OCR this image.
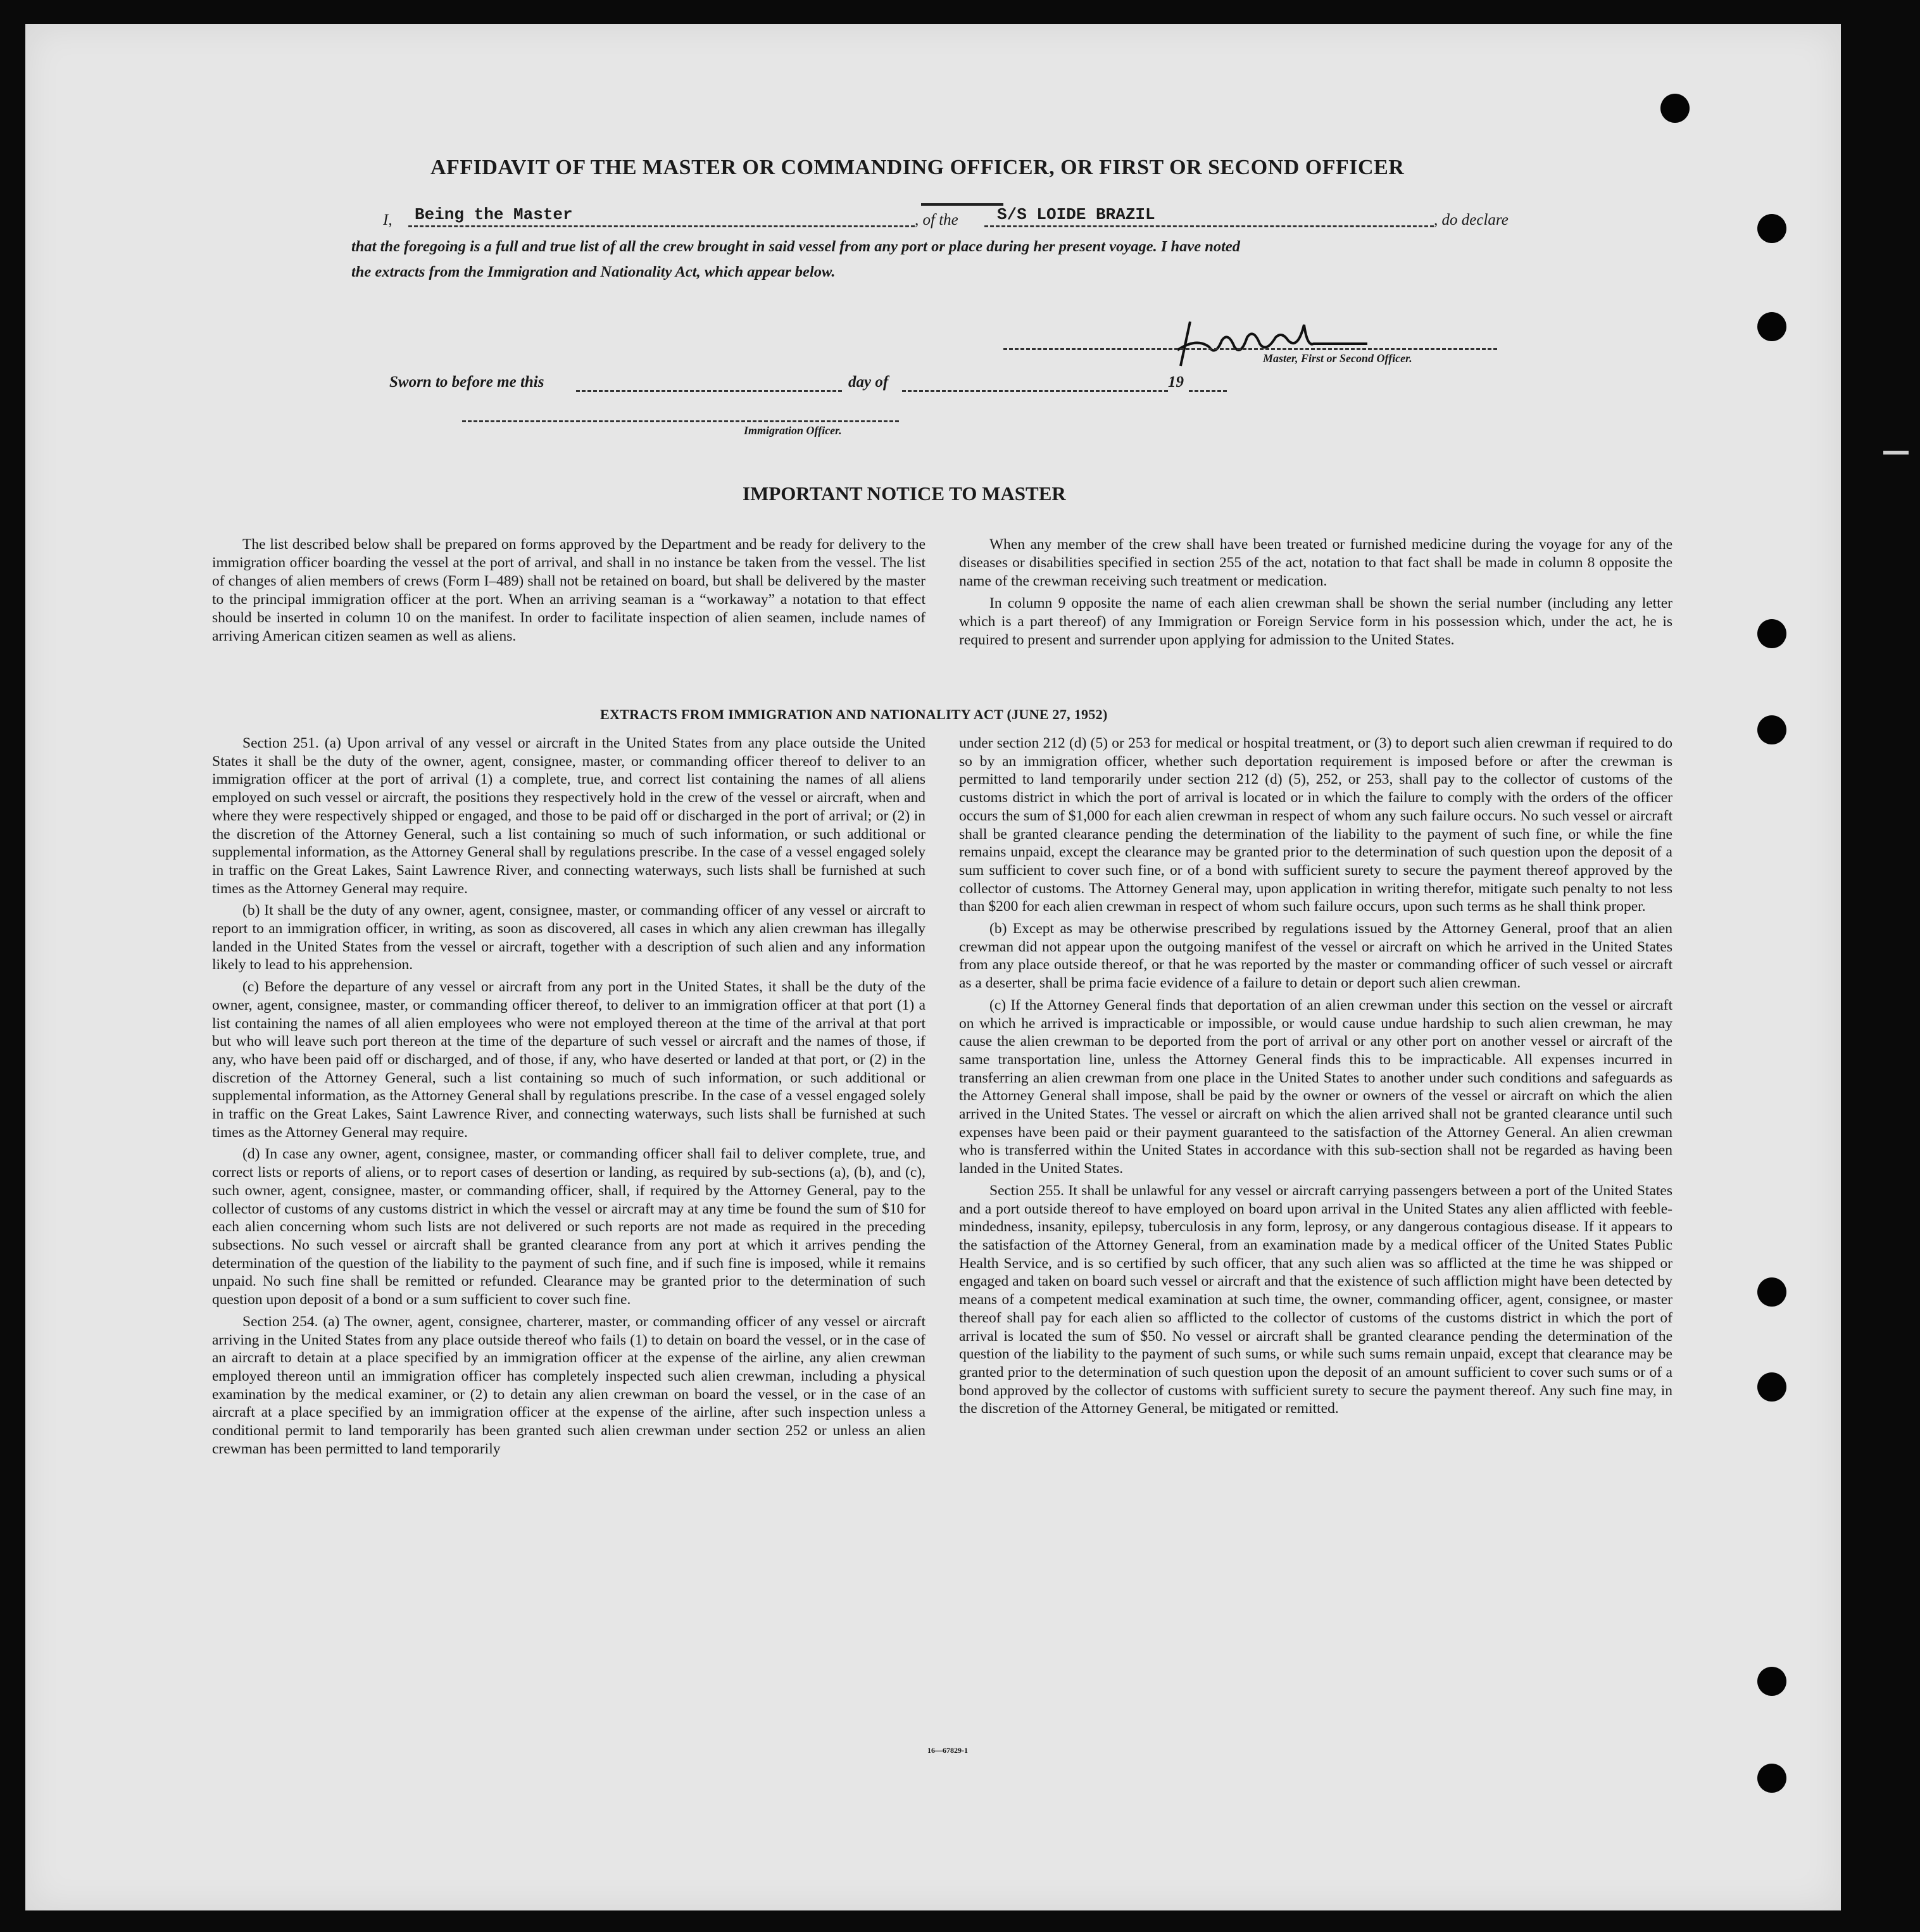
AFFIDAVIT OF THE MASTER OR COMMANDING OFFICER, OR FIRST OR SECOND OFFICER
I, Being the Master	, of the S/S LOIDE BRAZIL	, do declare
that the foregoing is a full and true list of all the crew brought in said vessel from any port or place during her present voyage. I have noted
the extracts from the Immigration and Nationality Act, which appear below.
Master, First or Second Officer.
Sworn to before me this	day of	19
Immigration Officer.
IMPORTANT NOTICE TO MASTER

The list described below shall be prepared on forms approved by the Department and be ready for delivery to the immigration officer boarding the vessel at the port of arrival, and shall in no instance be taken from the vessel. The list of changes of alien members of crews (Form I–489) shall not be retained on board, but shall be delivered by the master to the principal immigration officer at the port. When an arriving seaman is a “workaway” a notation to that effect should be inserted in column 10 on the manifest. In order to facilitate inspection of alien seamen, include names of arriving American citizen seamen as well as aliens.

When any member of the crew shall have been treated or furnished medicine during the voyage for any of the diseases or disabilities specified in section 255 of the act, notation to that fact shall be made in column 8 opposite the name of the crewman receiving such treatment or medication.

In column 9 opposite the name of each alien crewman shall be shown the serial number (including any letter which is a part thereof) of any Immigration or Foreign Service form in his possession which, under the act, he is required to present and surrender upon applying for admission to the United States.

EXTRACTS FROM IMMIGRATION AND NATIONALITY ACT (JUNE 27, 1952)

Section 251. (a) Upon arrival of any vessel or aircraft in the United States from any place outside the United States it shall be the duty of the owner, agent, consignee, master, or commanding officer thereof to deliver to an immigration officer at the port of arrival (1) a complete, true, and correct list containing the names of all aliens employed on such vessel or aircraft, the positions they respectively hold in the crew of the vessel or aircraft, when and where they were respectively shipped or engaged, and those to be paid off or discharged in the port of arrival; or (2) in the discretion of the Attorney General, such a list containing so much of such information, or such additional or supplemental information, as the Attorney General shall by regulations prescribe. In the case of a vessel engaged solely in traffic on the Great Lakes, Saint Lawrence River, and connecting waterways, such lists shall be furnished at such times as the Attorney General may require.

(b) It shall be the duty of any owner, agent, consignee, master, or commanding officer of any vessel or aircraft to report to an immigration officer, in writing, as soon as discovered, all cases in which any alien crewman has illegally landed in the United States from the vessel or aircraft, together with a description of such alien and any information likely to lead to his apprehension.

(c) Before the departure of any vessel or aircraft from any port in the United States, it shall be the duty of the owner, agent, consignee, master, or commanding officer thereof, to deliver to an immigration officer at that port (1) a list containing the names of all alien employees who were not employed thereon at the time of the arrival at that port but who will leave such port thereon at the time of the departure of such vessel or aircraft and the names of those, if any, who have been paid off or discharged, and of those, if any, who have deserted or landed at that port, or (2) in the discretion of the Attorney General, such a list containing so much of such information, or such additional or supplemental information, as the Attorney General shall by regulations prescribe. In the case of a vessel engaged solely in traffic on the Great Lakes, Saint Lawrence River, and connecting waterways, such lists shall be furnished at such times as the Attorney General may require.

(d) In case any owner, agent, consignee, master, or commanding officer shall fail to deliver complete, true, and correct lists or reports of aliens, or to report cases of desertion or landing, as required by sub-sections (a), (b), and (c), such owner, agent, consignee, master, or commanding officer, shall, if required by the Attorney General, pay to the collector of customs of any customs district in which the vessel or aircraft may at any time be found the sum of $10 for each alien concerning whom such lists are not delivered or such reports are not made as required in the preceding subsections. No such vessel or aircraft shall be granted clearance from any port at which it arrives pending the determination of the question of the liability to the payment of such fine, and if such fine is imposed, while it remains unpaid. No such fine shall be remitted or refunded. Clearance may be granted prior to the determination of such question upon deposit of a bond or a sum sufficient to cover such fine.

Section 254. (a) The owner, agent, consignee, charterer, master, or commanding officer of any vessel or aircraft arriving in the United States from any place outside thereof who fails (1) to detain on board the vessel, or in the case of an aircraft to detain at a place specified by an immigration officer at the expense of the airline, any alien crewman employed thereon until an immigration officer has completely inspected such alien crewman, including a physical examination by the medical examiner, or (2) to detain any alien crewman on board the vessel, or in the case of an aircraft at a place specified by an immigration officer at the expense of the airline, after such inspection unless a conditional permit to land temporarily has been granted such alien crewman under section 252 or unless an alien crewman has been permitted to land temporarily

under section 212 (d) (5) or 253 for medical or hospital treatment, or (3) to deport such alien crewman if required to do so by an immigration officer, whether such deportation requirement is imposed before or after the crewman is permitted to land temporarily under section 212 (d) (5), 252, or 253, shall pay to the collector of customs of the customs district in which the port of arrival is located or in which the failure to comply with the orders of the officer occurs the sum of $1,000 for each alien crewman in respect of whom any such failure occurs. No such vessel or aircraft shall be granted clearance pending the determination of the liability to the payment of such fine, or while the fine remains unpaid, except the clearance may be granted prior to the determination of such question upon the deposit of a sum sufficient to cover such fine, or of a bond with sufficient surety to secure the payment thereof approved by the collector of customs. The Attorney General may, upon application in writing therefor, mitigate such penalty to not less than $200 for each alien crewman in respect of whom such failure occurs, upon such terms as he shall think proper.

(b) Except as may be otherwise prescribed by regulations issued by the Attorney General, proof that an alien crewman did not appear upon the outgoing manifest of the vessel or aircraft on which he arrived in the United States from any place outside thereof, or that he was reported by the master or commanding officer of such vessel or aircraft as a deserter, shall be prima facie evidence of a failure to detain or deport such alien crewman.

(c) If the Attorney General finds that deportation of an alien crewman under this section on the vessel or aircraft on which he arrived is impracticable or impossible, or would cause undue hardship to such alien crewman, he may cause the alien crewman to be deported from the port of arrival or any other port on another vessel or aircraft of the same transportation line, unless the Attorney General finds this to be impracticable. All expenses incurred in transferring an alien crewman from one place in the United States to another under such conditions and safeguards as the Attorney General shall impose, shall be paid by the owner or owners of the vessel or aircraft on which the alien arrived in the United States. The vessel or aircraft on which the alien arrived shall not be granted clearance until such expenses have been paid or their payment guaranteed to the satisfaction of the Attorney General. An alien crewman who is transferred within the United States in accordance with this sub-section shall not be regarded as having been landed in the United States.

Section 255. It shall be unlawful for any vessel or aircraft carrying passengers between a port of the United States and a port outside thereof to have employed on board upon arrival in the United States any alien afflicted with feeble-mindedness, insanity, epilepsy, tuberculosis in any form, leprosy, or any dangerous contagious disease. If it appears to the satisfaction of the Attorney General, from an examination made by a medical officer of the United States Public Health Service, and is so certified by such officer, that any such alien was so afflicted at the time he was shipped or engaged and taken on board such vessel or aircraft and that the existence of such affliction might have been detected by means of a competent medical examination at such time, the owner, commanding officer, agent, consignee, or master thereof shall pay for each alien so afflicted to the collector of customs of the customs district in which the port of arrival is located the sum of $50. No vessel or aircraft shall be granted clearance pending the determination of the question of the liability to the payment of such sums, or while such sums remain unpaid, except that clearance may be granted prior to the determination of such question upon the deposit of an amount sufficient to cover such sums or of a bond approved by the collector of customs with sufficient surety to secure the payment thereof. Any such fine may, in the discretion of the Attorney General, be mitigated or remitted.

16—67829-1
